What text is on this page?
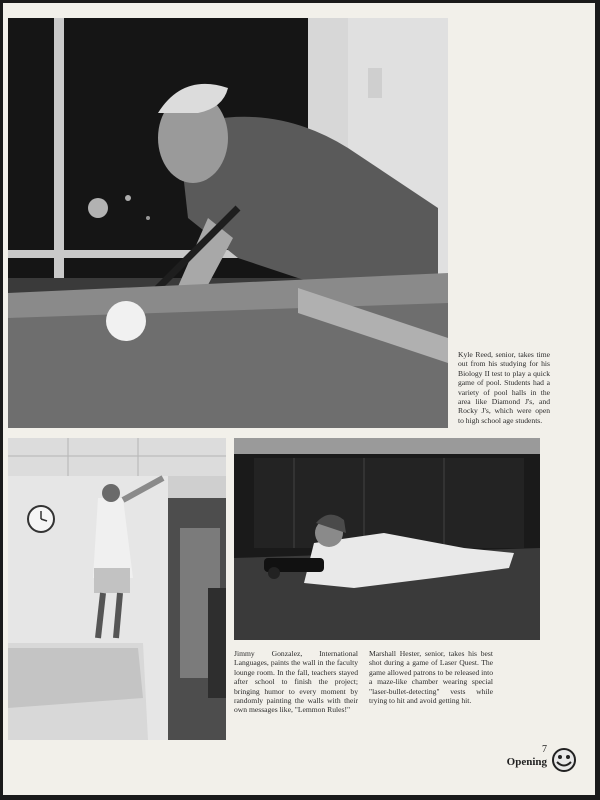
Kyle Reed, senior, takes time out from his studying for his Biology II test to play a quick game of pool. Students had a variety of pool halls in the area like Diamond J's, and Rocky J's, which were open to high school age students.
Jimmy Gonzalez, International Languages, paints the wall in the faculty lounge room. In the fall, teachers stayed after school to finish the project; bringing humor to every moment by randomly painting the walls with their own messages like, "Lemmon Rules!"
Marshall Hester, senior, takes his best shot during a game of Laser Quest. The game allowed patrons to be released into a maze-like chamber wearing special "laser-bullet-detecting" vests while trying to hit and avoid getting hit.
7
Opening
